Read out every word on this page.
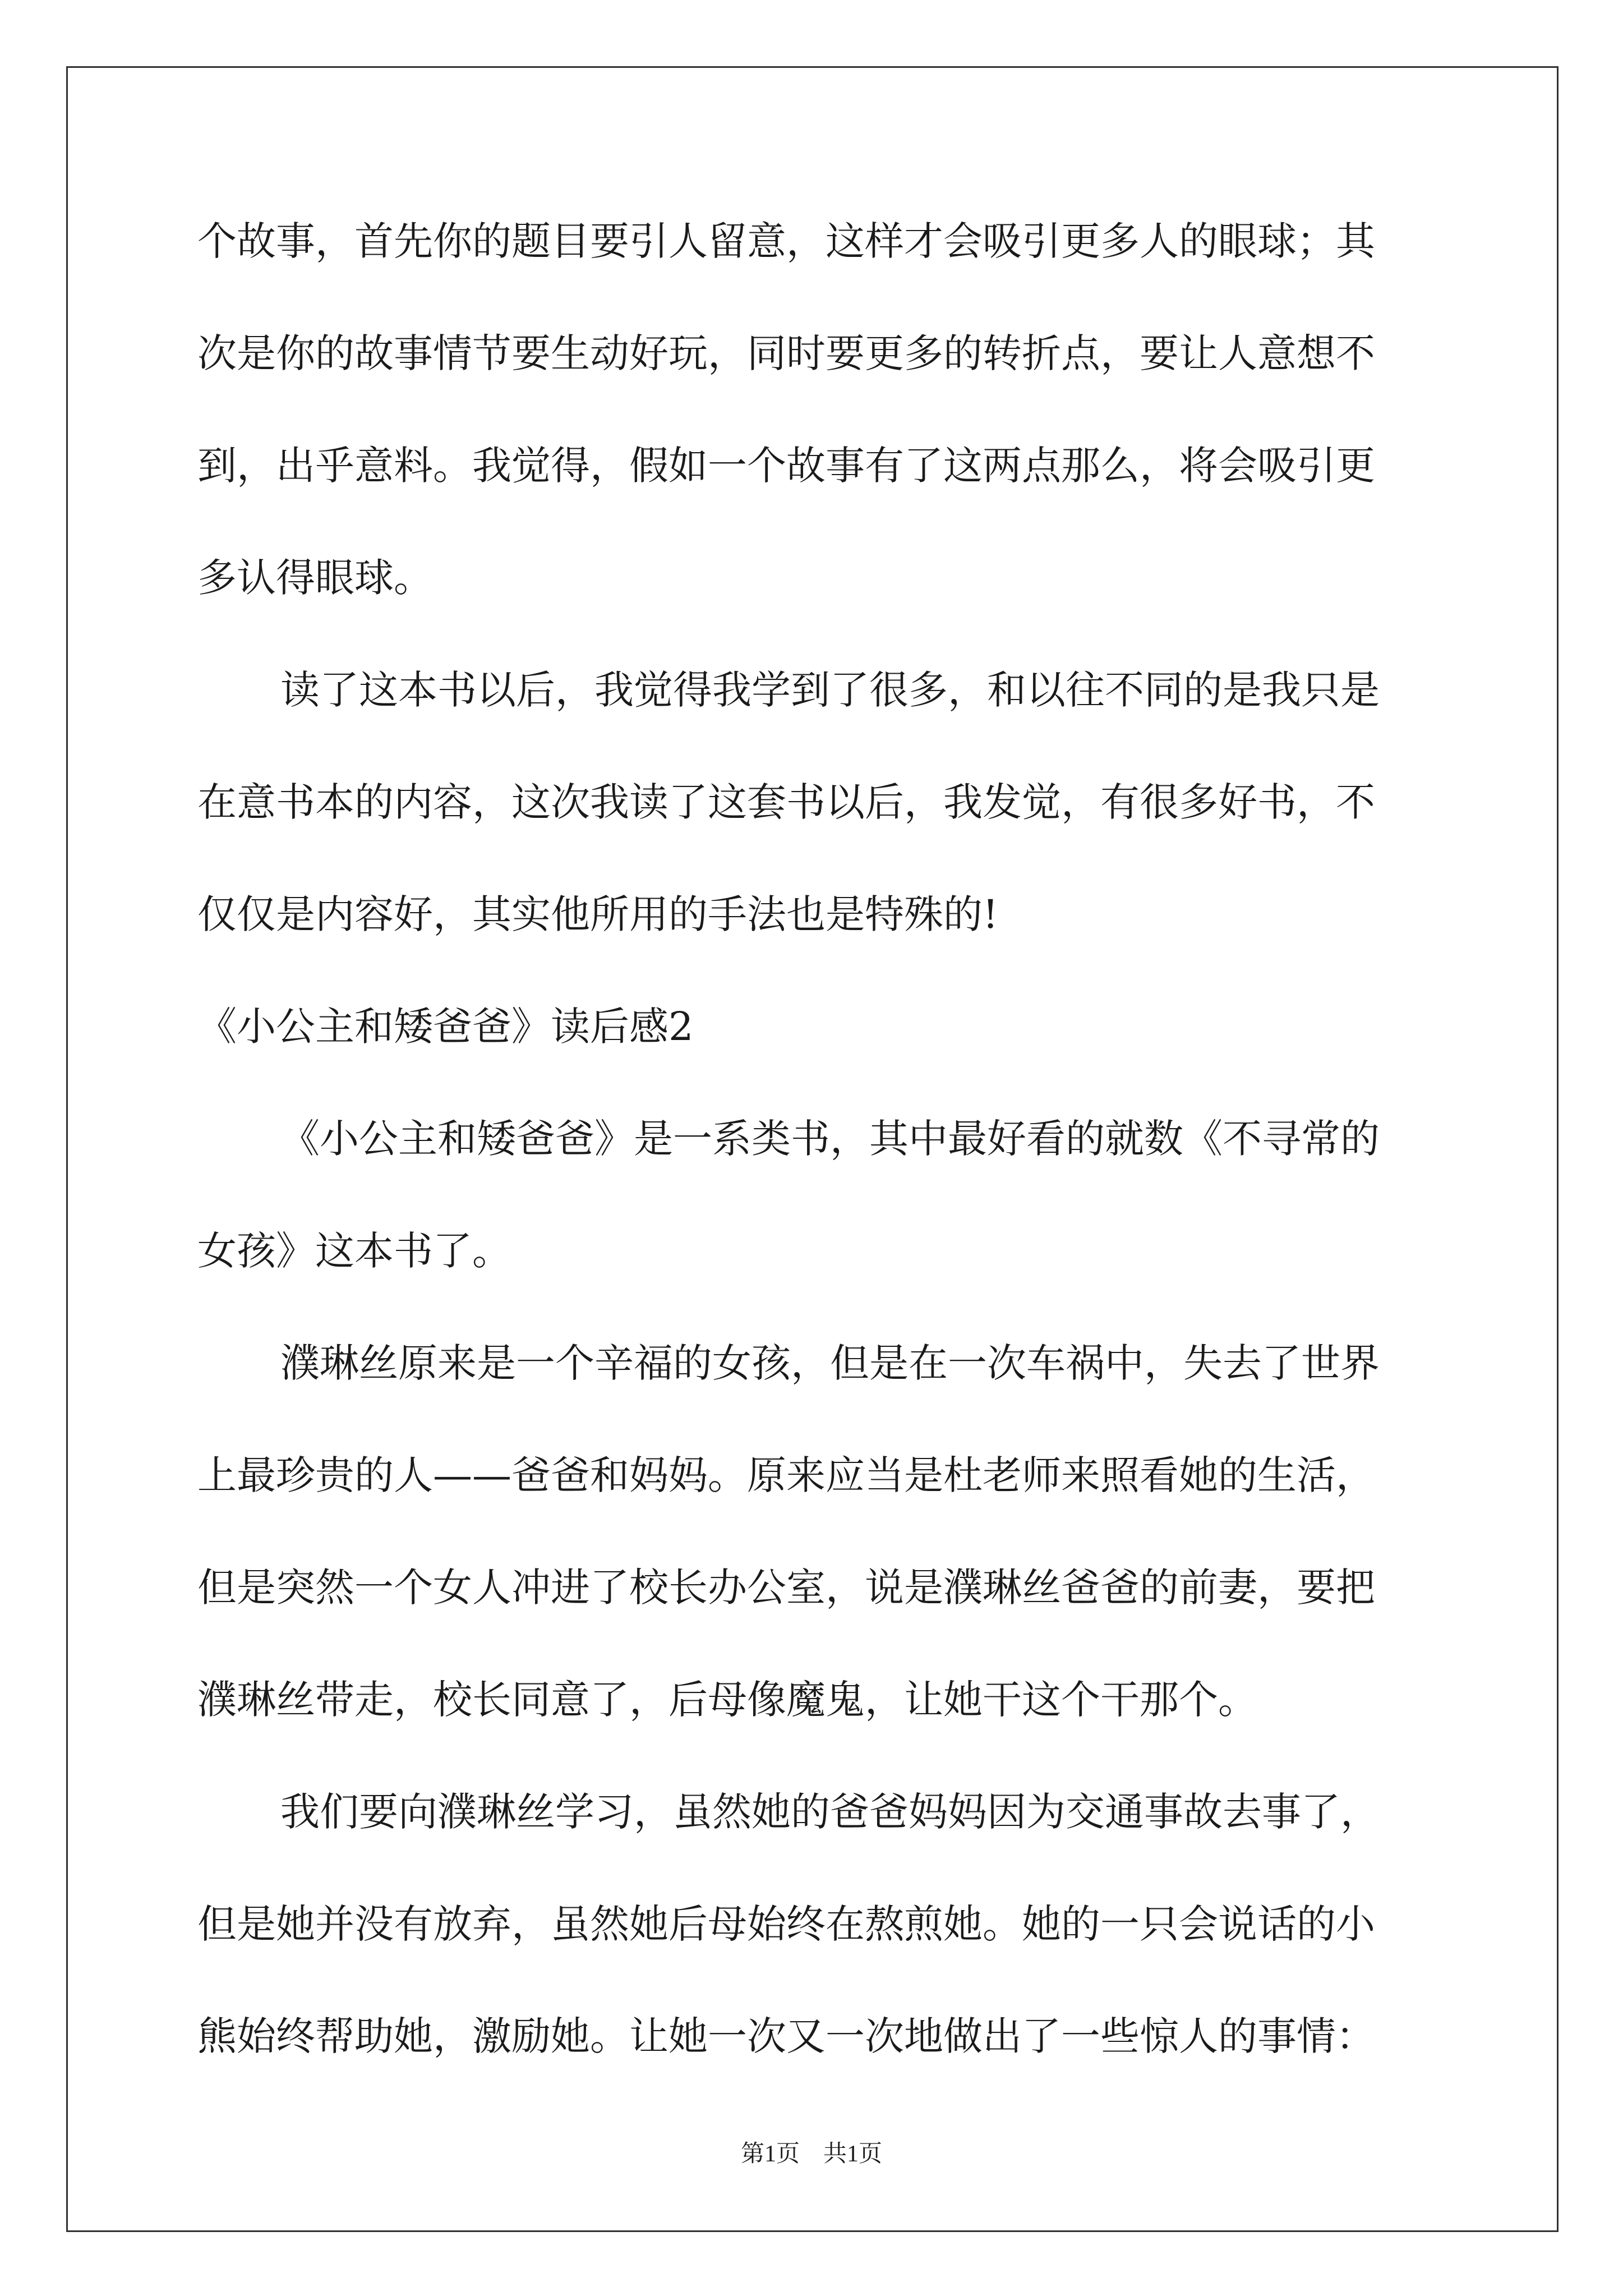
个故事，首先你的题目要引人留意，这样才会吸引更多人的眼球；其
次是你的故事情节要生动好玩，同时要更多的转折点，要让人意想不
到，出乎意料。我觉得，假如一个故事有了这两点那么，将会吸引更
多认得眼球。
读了这本书以后，我觉得我学到了很多，和以往不同的是我只是
在意书本的内容，这次我读了这套书以后，我发觉，有很多好书，不
仅仅是内容好，其实他所用的手法也是特殊的!
《小公主和矮爸爸》读后感2
《小公主和矮爸爸》是一系类书，其中最好看的就数《不寻常的
女孩》这本书了。
濮琳丝原来是一个辛福的女孩，但是在一次车祸中，失去了世界
上最珍贵的人——爸爸和妈妈。原来应当是杜老师来照看她的生活，
但是突然一个女人冲进了校长办公室，说是濮琳丝爸爸的前妻，要把
濮琳丝带走，校长同意了，后母像魔鬼，让她干这个干那个。
我们要向濮琳丝学习，虽然她的爸爸妈妈因为交通事故去事了，
但是她并没有放弃，虽然她后母始终在熬煎她。她的一只会说话的小
熊始终帮助她，激励她。让她一次又一次地做出了一些惊人的事情：
第1页　共1页
